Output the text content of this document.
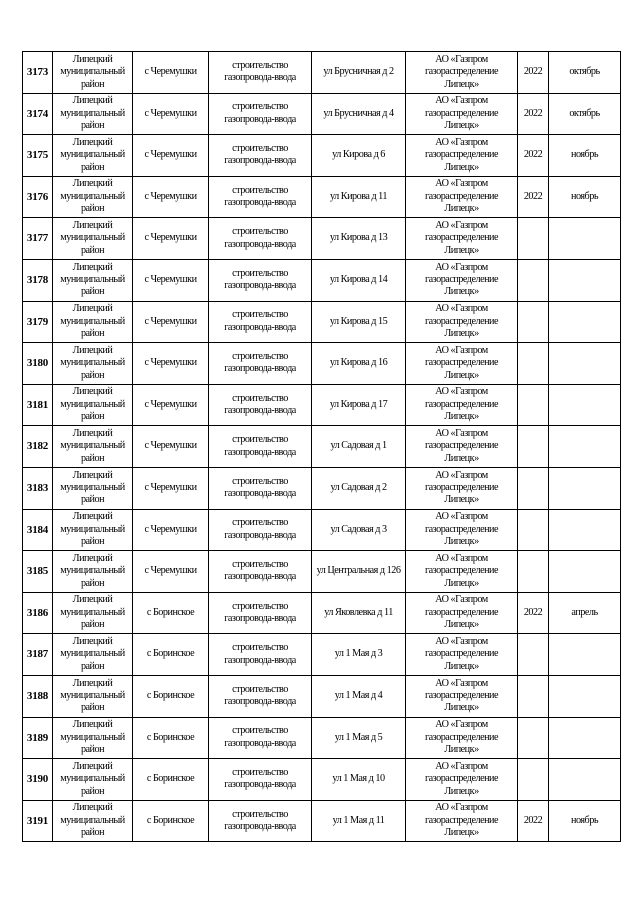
3173	Липецкий муниципальный район	с Черемушки	строительство газопровода-ввода	ул Брусничная д 2	АО «Газпром газораспределение Липецк»	2022	октябрь
3174	Липецкий муниципальный район	с Черемушки	строительство газопровода-ввода	ул Брусничная д 4	АО «Газпром газораспределение Липецк»	2022	октябрь
3175	Липецкий муниципальный район	с Черемушки	строительство газопровода-ввода	ул Кирова д 6	АО «Газпром газораспределение Липецк»	2022	ноябрь
3176	Липецкий муниципальный район	с Черемушки	строительство газопровода-ввода	ул Кирова д 11	АО «Газпром газораспределение Липецк»	2022	ноябрь
3177	Липецкий муниципальный район	с Черемушки	строительство газопровода-ввода	ул Кирова д 13	АО «Газпром газораспределение Липецк»		
3178	Липецкий муниципальный район	с Черемушки	строительство газопровода-ввода	ул Кирова д 14	АО «Газпром газораспределение Липецк»		
3179	Липецкий муниципальный район	с Черемушки	строительство газопровода-ввода	ул Кирова д 15	АО «Газпром газораспределение Липецк»		
3180	Липецкий муниципальный район	с Черемушки	строительство газопровода-ввода	ул Кирова д 16	АО «Газпром газораспределение Липецк»		
3181	Липецкий муниципальный район	с Черемушки	строительство газопровода-ввода	ул Кирова д 17	АО «Газпром газораспределение Липецк»		
3182	Липецкий муниципальный район	с Черемушки	строительство газопровода-ввода	ул Садовая д 1	АО «Газпром газораспределение Липецк»		
3183	Липецкий муниципальный район	с Черемушки	строительство газопровода-ввода	ул Садовая д 2	АО «Газпром газораспределение Липецк»		
3184	Липецкий муниципальный район	с Черемушки	строительство газопровода-ввода	ул Садовая д 3	АО «Газпром газораспределение Липецк»		
3185	Липецкий муниципальный район	с Черемушки	строительство газопровода-ввода	ул Центральная д 126	АО «Газпром газораспределение Липецк»		
3186	Липецкий муниципальный район	с Боринское	строительство газопровода-ввода	ул Яковлевка д 11	АО «Газпром газораспределение Липецк»	2022	апрель
3187	Липецкий муниципальный район	с Боринское	строительство газопровода-ввода	ул 1 Мая д 3	АО «Газпром газораспределение Липецк»		
3188	Липецкий муниципальный район	с Боринское	строительство газопровода-ввода	ул 1 Мая д 4	АО «Газпром газораспределение Липецк»		
3189	Липецкий муниципальный район	с Боринское	строительство газопровода-ввода	ул 1 Мая д 5	АО «Газпром газораспределение Липецк»		
3190	Липецкий муниципальный район	с Боринское	строительство газопровода-ввода	ул 1 Мая д 10	АО «Газпром газораспределение Липецк»		
3191	Липецкий муниципальный район	с Боринское	строительство газопровода-ввода	ул 1 Мая д 11	АО «Газпром газораспределение Липецк»	2022	ноябрь
